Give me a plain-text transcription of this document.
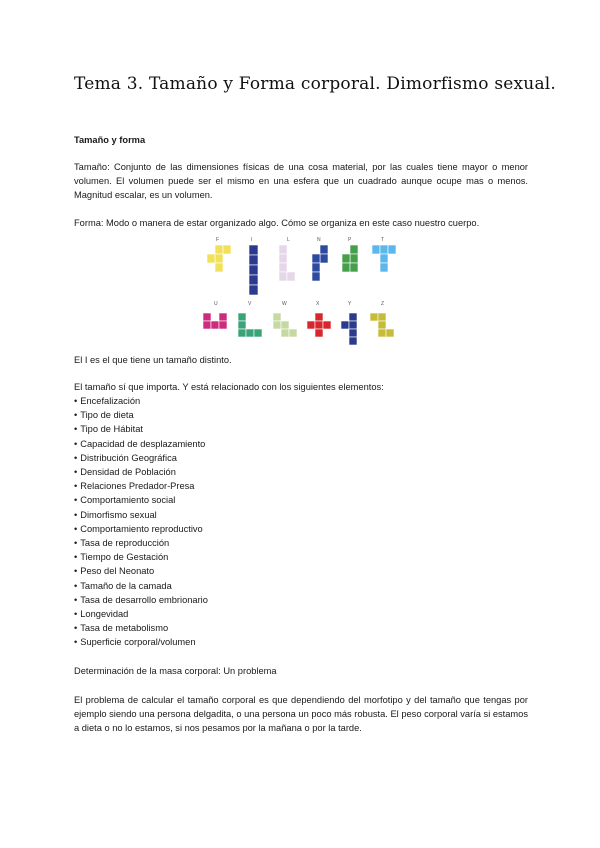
Tema 3. Tamaño y Forma corporal. Dimorfismo sexual.
Tamaño y forma
Tamaño: Conjunto de las dimensiones físicas de una cosa material, por las cuales tiene mayor o menor volumen. El volumen puede ser el mismo en una esfera que un cuadrado aunque ocupe mas o menos. Magnitud escalar, es un volumen.
Forma: Modo o manera de estar organizado algo. Cómo se organiza en este caso nuestro cuerpo.
F	I	L	N	P	T
U	V	W	X	Y	Z
El I es el que tiene un tamaño distinto.
El tamaño sí que importa. Y está relacionado con los siguientes elementos:
• Encefalización
• Tipo de dieta
• Tipo de Hábitat
• Capacidad de desplazamiento
• Distribución Geográfica
• Densidad de Población
• Relaciones Predador-Presa
• Comportamiento social
• Dimorfismo sexual
• Comportamiento reproductivo
• Tasa de reproducción
• Tiempo de Gestación
• Peso del Neonato
• Tamaño de la camada
• Tasa de desarrollo embrionario
• Longevidad
• Tasa de metabolismo
• Superficie corporal/volumen
Determinación de la masa corporal: Un problema
El problema de calcular el tamaño corporal es que dependiendo del morfotipo y del tamaño que tengas por ejemplo siendo una persona delgadita, o una persona un poco más robusta. El peso corporal varía si estamos a dieta o no lo estamos, si nos pesamos por la mañana o por la tarde.
